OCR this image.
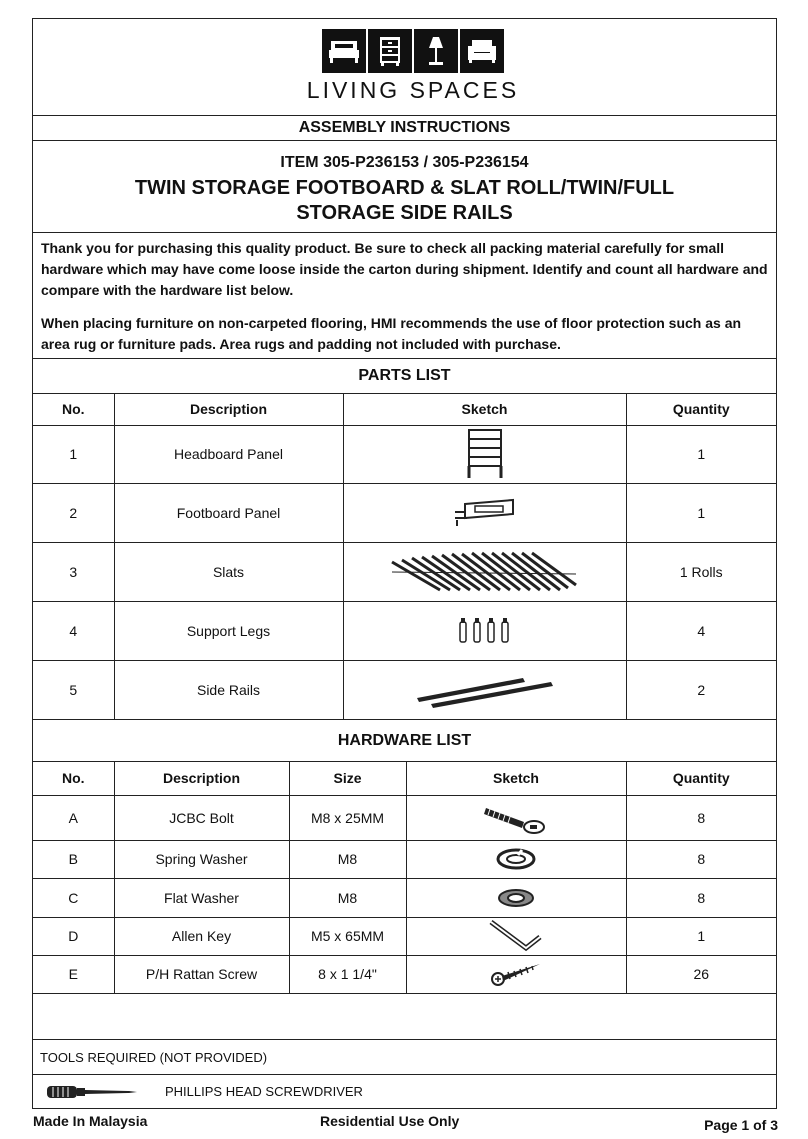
LIVING SPACES
ASSEMBLY INSTRUCTIONS
ITEM 305-P236153 / 305-P236154
TWIN STORAGE FOOTBOARD & SLAT ROLL/TWIN/FULL
STORAGE SIDE RAILS

Thank you for purchasing this quality product. Be sure to check all packing material carefully for small hardware which may have come loose inside the carton during shipment. Identify and count all hardware and compare with the hardware list below.

When placing furniture on non-carpeted flooring, HMI recommends the use of floor protection such as an area rug or furniture pads. Area rugs and padding not included with purchase.

PARTS LIST
No.	Description	Sketch	Quantity
1	Headboard Panel		1
2	Footboard Panel		1
3	Slats		1 Rolls
4	Support Legs		4
5	Side Rails		2
HARDWARE LIST
No.	Description	Size	Sketch	Quantity
A	JCBC Bolt	M8 x 25MM		8
B	Spring Washer	M8		8
C	Flat Washer	M8		8
D	Allen Key	M5 x 65MM		1
E	P/H Rattan Screw	8 x 1 1/4"		26
TOOLS REQUIRED (NOT PROVIDED)
PHILLIPS HEAD SCREWDRIVER
Made In Malaysia	Residential Use Only	Page 1 of 3
